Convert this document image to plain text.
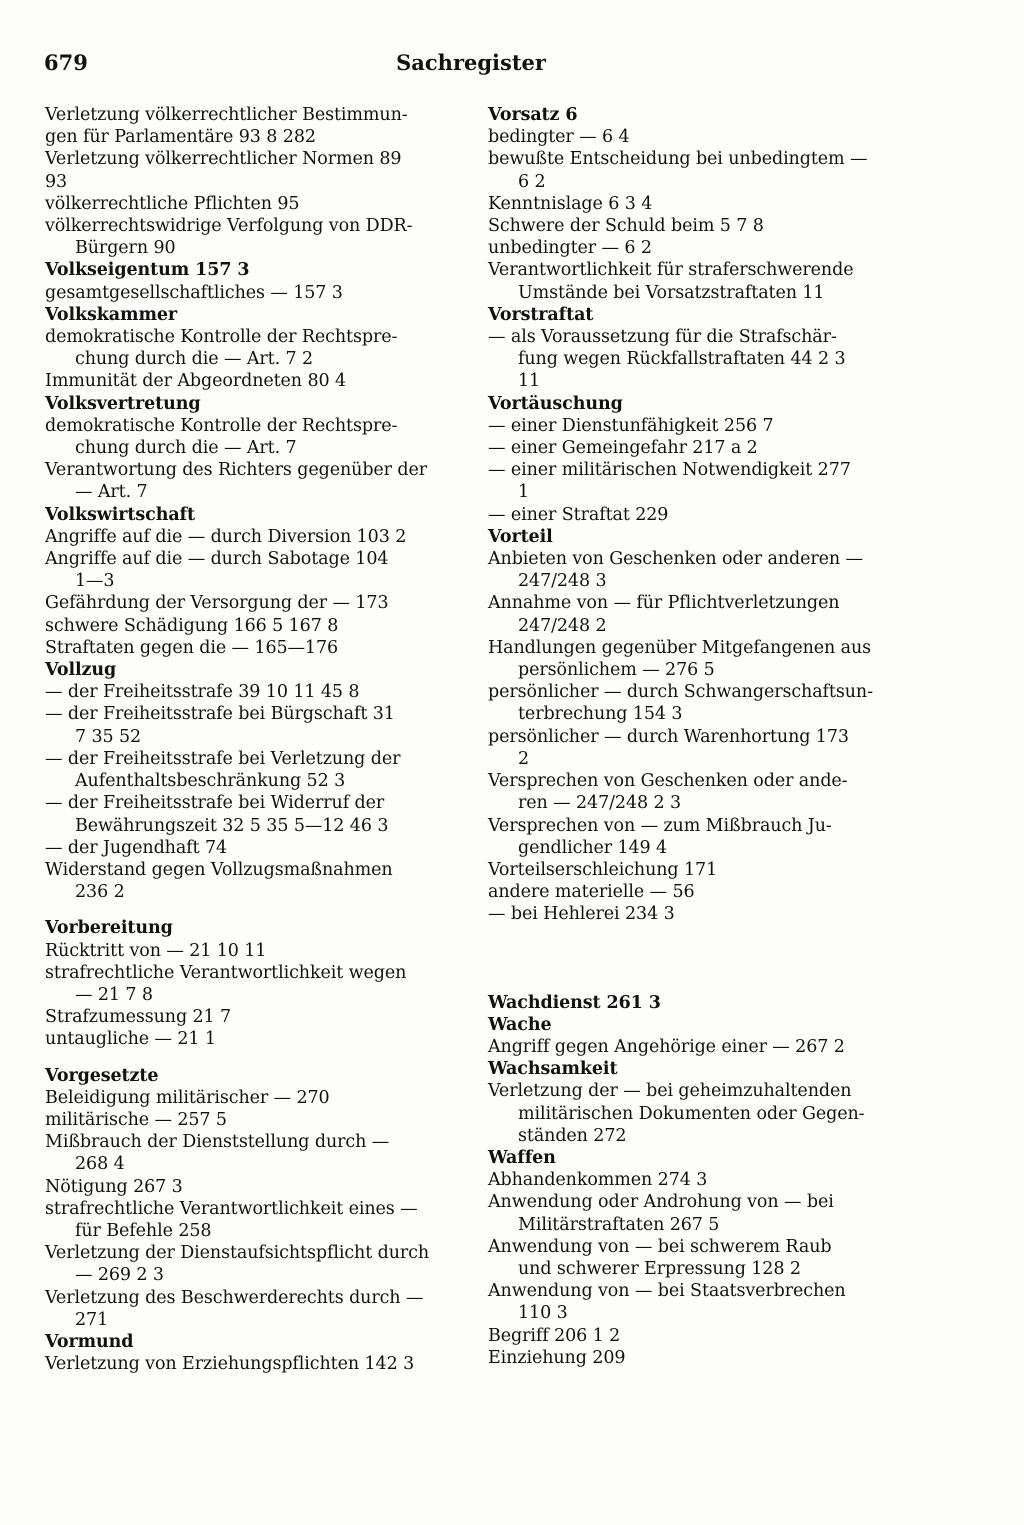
679	Sachregister
Verletzung völkerrechtlicher Bestimmun-
gen für Parlamentäre 93 8 282
Verletzung völkerrechtlicher Normen 89
93
völkerrechtliche Pflichten 95
völkerrechtswidrige Verfolgung von DDR-
Bürgern 90
Volkseigentum 157 3
gesamtgesellschaftliches — 157 3
Volkskammer
demokratische Kontrolle der Rechtspre-
chung durch die — Art. 7 2
Immunität der Abgeordneten 80 4
Volksvertretung
demokratische Kontrolle der Rechtspre-
chung durch die — Art. 7
Verantwortung des Richters gegenüber der
— Art. 7
Volkswirtschaft
Angriffe auf die — durch Diversion 103 2
Angriffe auf die — durch Sabotage 104
1—3
Gefährdung der Versorgung der — 173
schwere Schädigung 166 5 167 8
Straftaten gegen die — 165—176
Vollzug
— der Freiheitsstrafe 39 10 11 45 8
— der Freiheitsstrafe bei Bürgschaft 31
7 35 52
— der Freiheitsstrafe bei Verletzung der
Aufenthaltsbeschränkung 52 3
— der Freiheitsstrafe bei Widerruf der
Bewährungszeit 32 5 35 5—12 46 3
— der Jugendhaft 74
Widerstand gegen Vollzugsmaßnahmen
236 2
Vorbereitung
Rücktritt von — 21 10 11
strafrechtliche Verantwortlichkeit wegen
— 21 7 8
Strafzumessung 21 7
untaugliche — 21 1
Vorgesetzte
Beleidigung militärischer — 270
militärische — 257 5
Mißbrauch der Dienststellung durch —
268 4
Nötigung 267 3
strafrechtliche Verantwortlichkeit eines —
für Befehle 258
Verletzung der Dienstaufsichtspflicht durch
— 269 2 3
Verletzung des Beschwerderechts durch —
271
Vormund
Verletzung von Erziehungspflichten 142 3
Vorsatz 6
bedingter — 6 4
bewußte Entscheidung bei unbedingtem —
6 2
Kenntnislage 6 3 4
Schwere der Schuld beim 5 7 8
unbedingter — 6 2
Verantwortlichkeit für straferschwerende
Umstände bei Vorsatzstraftaten 11
Vorstraftat
— als Voraussetzung für die Strafschär-
fung wegen Rückfallstraftaten 44 2 3
11
Vortäuschung
— einer Dienstunfähigkeit 256 7
— einer Gemeingefahr 217 a 2
— einer militärischen Notwendigkeit 277
1
— einer Straftat 229
Vorteil
Anbieten von Geschenken oder anderen —
247/248 3
Annahme von — für Pflichtverletzungen
247/248 2
Handlungen gegenüber Mitgefangenen aus
persönlichem — 276 5
persönlicher — durch Schwangerschaftsun-
terbrechung 154 3
persönlicher — durch Warenhortung 173
2
Versprechen von Geschenken oder ande-
ren — 247/248 2 3
Versprechen von — zum Mißbrauch Ju-
gendlicher 149 4
Vorteilserschleichung 171
andere materielle — 56
— bei Hehlerei 234 3
Wachdienst 261 3
Wache
Angriff gegen Angehörige einer — 267 2
Wachsamkeit
Verletzung der — bei geheimzuhaltenden
militärischen Dokumenten oder Gegen-
ständen 272
Waffen
Abhandenkommen 274 3
Anwendung oder Androhung von — bei
Militärstraftaten 267 5
Anwendung von — bei schwerem Raub
und schwerer Erpressung 128 2
Anwendung von — bei Staatsverbrechen
110 3
Begriff 206 1 2
Einziehung 209
